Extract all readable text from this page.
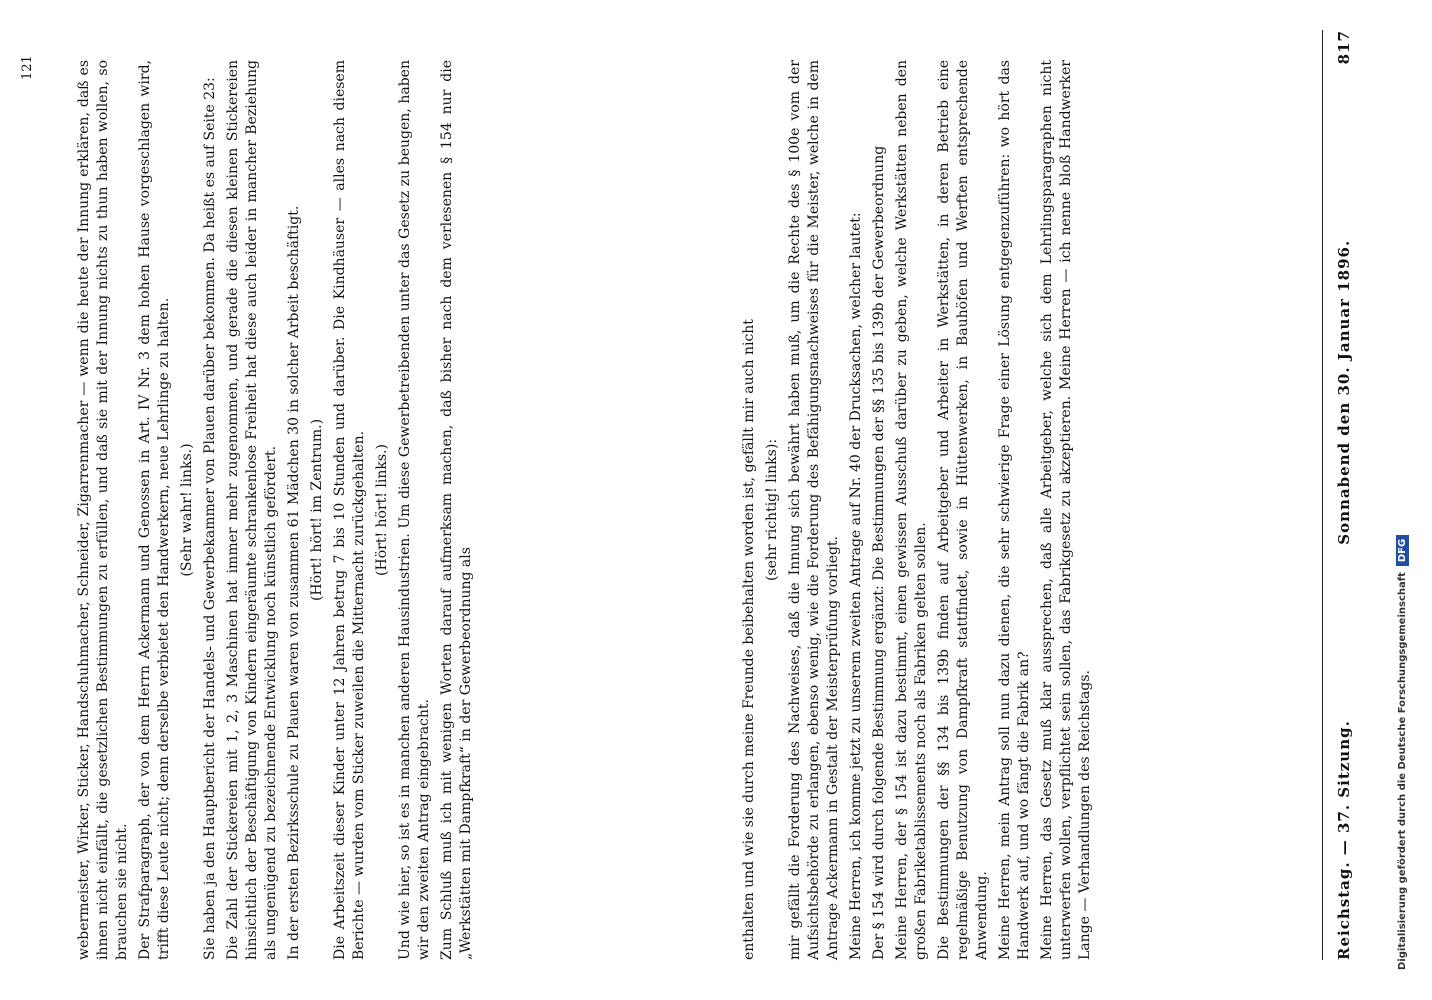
Reichstag. — 37. Sitzung.
Sonnabend den 30. Januar 1896.
817

enthalten und wie sie durch meine Freunde beibehalten worden ist, gefällt mir auch nicht (sehr richtig! links): mir gefällt die Forderung des Nachweises, daß die Innung sich bewährt haben muß, um die Rechte des § 100e vom der Aufsichtsbehörde zu erlangen, ebenso wenig, wie die Forderung des Befähigungsnachweises für die Meister, welche in dem Antrage Ackermann in Gestalt der Meisterprüfung vorliegt. Meine Herren, ich komme jetzt zu unserem zweiten Antrage auf Nr. 40 der Drucksachen, welcher lautet: Der § 154 wird durch folgende Bestimmung ergänzt: Die Bestimmungen der §§ 135 bis 139b der Gewerbeordnung Meine Herren, der § 154 ist dazu bestimmt, einen gewissen Ausschuß darüber zu geben, welche Werkstätten neben den großen Fabriketablissements noch als Fabriken gelten sollen. Die Bestimmungen der §§ 134 bis 139b finden auf Arbeitgeber und Arbeiter in Werkstätten, in deren Betrieb eine regelmäßige Benutzung von Dampfkraft stattfindet, sowie in Hüttenwerken, in Bauhöfen und Werften entsprechende Anwendung. Meine Herren, mein Antrag soll nun dazu dienen, die sehr schwierige Frage einer Lösung entgegenzuführen: wo hört das Handwerk auf, und wo fängt die Fabrik an? Meine Herren, das Gesetz muß klar aussprechen, daß alle Arbeitgeber, welche sich dem Lehrlingsparagraphen nicht unterwerfen wollen, verpflichtet sein sollen, das Fabrikgesetz zu akzeptieren. Meine Herren — ich nenne bloß Handwerker Lange — Verhandlungen des Reichstags.

webermeister, Wirker, Sticker, Handschuhmacher, Schneider, Zigarrenmacher — wenn die heute der Innung erklären, daß es ihnen nicht einfällt, die gesetzlichen Bestimmungen zu erfüllen, und daß sie mit der Innung nichts zu thun haben wollen, so brauchen sie nicht. Der Strafparagraph, der von dem Herrn Ackermann und Genossen in Art. IV Nr. 3 dem hohen Hause vorgeschlagen wird, trifft diese Leute nicht; denn derselbe verbietet den Handwerkern, neue Lehrlinge zu halten. (Sehr wahr! links.) Sie haben ja den Hauptbericht der Handels- und Gewerbekammer von Plauen darüber bekommen. Da heißt es auf Seite 23: Die Zahl der Stickereien mit 1, 2, 3 Maschinen hat immer mehr zugenommen, und gerade die diesen kleinen Stickereien hinsichtlich der Beschäftigung von Kindern eingeräumte schrankenlose Freiheit hat diese auch leider in mancher Beziehung als ungenügend zu bezeichnende Entwicklung noch künstlich gefördert. In der ersten Bezirksschule zu Plauen waren von zusammen 61 Mädchen 30 in solcher Arbeit beschäftigt. (Hört! hört! im Zentrum.) Die Arbeitszeit dieser Kinder unter 12 Jahren betrug 7 bis 10 Stunden und darüber. Die Kindhäuser — alles nach diesem Berichte — wurden vom Sticker zuweilen die Mitternacht zurückgehalten. (Hört! hört! links.) Und wie hier, so ist es in manchen anderen Hausindustrien. Um diese Gewerbetreibenden unter das Gesetz zu beugen, haben wir den zweiten Antrag eingebracht. Zum Schluß muß ich mit wenigen Worten darauf aufmerksam machen, daß bisher nach dem verlesenen § 154 nur die „Werkstätten mit Dampfkraft“ in der Gewerbeordnung als

121
Digitalisierung gefördert durch die Deutsche Forschungsgemeinschaft
DFG
